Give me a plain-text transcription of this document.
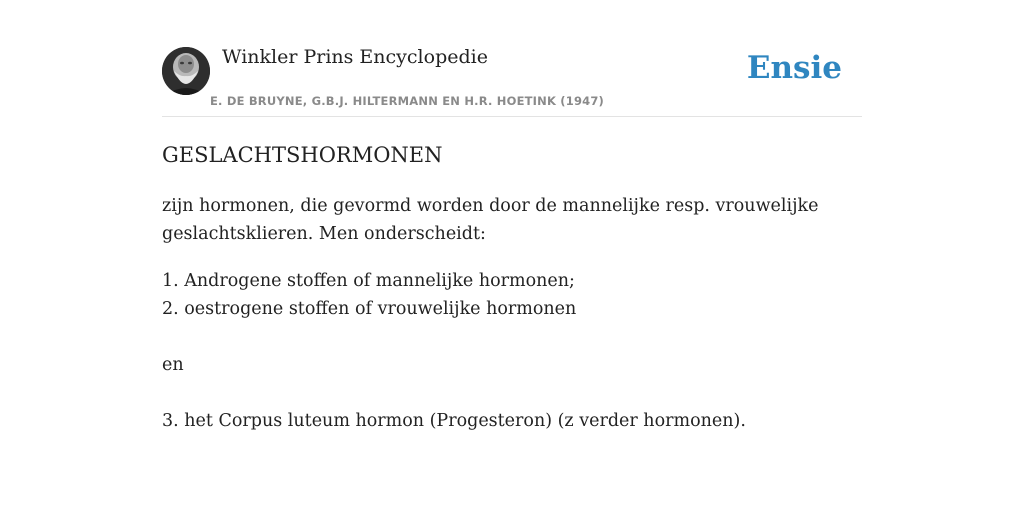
Winkler Prins Encyclopedie
E. DE BRUYNE, G.B.J. HILTERMANN EN H.R. HOETINK (1947)
Ensie
GESLACHTSHORMONEN

zijn hormonen, die gevormd worden door de mannelijke resp. vrouwelijke

geslachtsklieren. Men onderscheidt:

1. Androgene stoffen of mannelijke hormonen;

2. oestrogene stoffen of vrouwelijke hormonen

en

3. het Corpus luteum hormon (Progesteron) (z verder hormonen).
